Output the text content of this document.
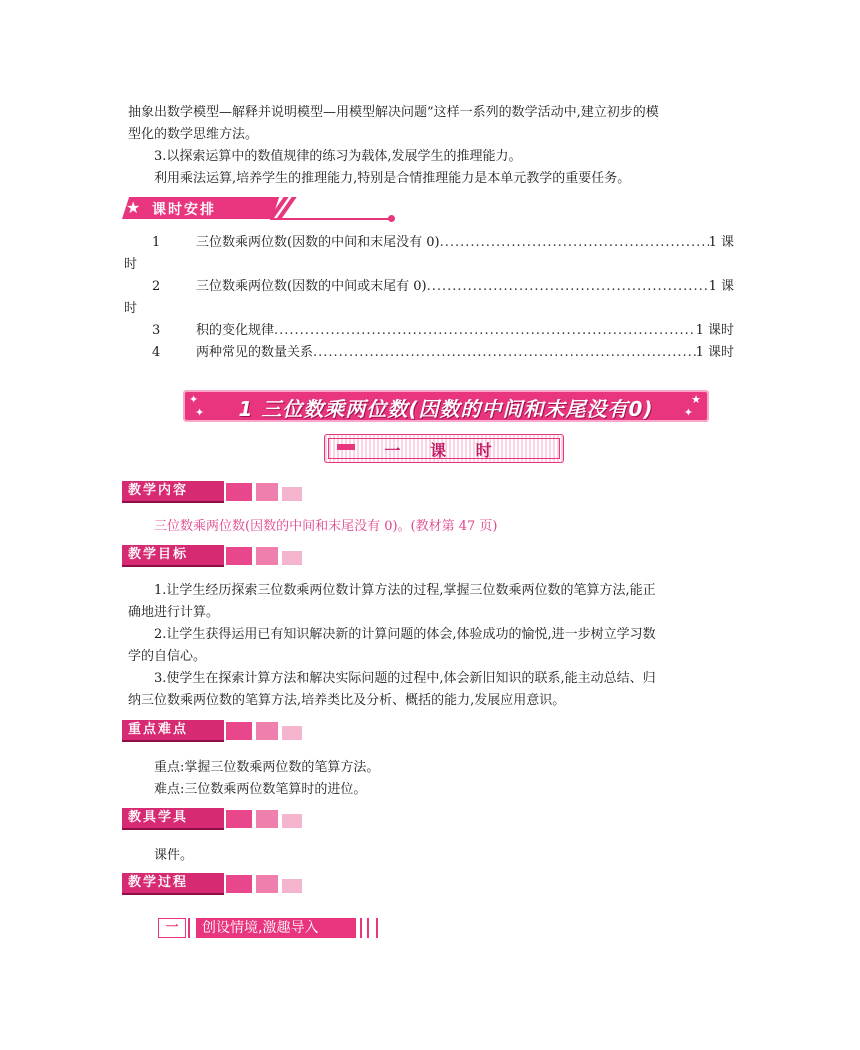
抽象出数学模型—解释并说明模型—用模型解决问题”这样一系列的数学活动中,建立初步的模

型化的数学思维方法。

3.以探索运算中的数值规律的练习为载体,发展学生的推理能力。

利用乘法运算,培养学生的推理能力,特别是合情推理能力是本单元教学的重要任务。

★ 课时安排
1	三位数乘两位数(因数的中间和末尾没有 0) .....	1 课
时
2	三位数乘两位数(因数的中间或末尾有 0) .....	1 课
时
3	积的变化规律 .....	1 课时
4	两种常见的数量关系 .....	1 课时
✦
✦	1 三位数乘两位数(因数的中间和末尾没有0)	★
✦
一 课 时
教学内容

三位数乘两位数(因数的中间和末尾没有 0)。(教材第 47 页)

教学目标

1.让学生经历探索三位数乘两位数计算方法的过程,掌握三位数乘两位数的笔算方法,能正

确地进行计算。

2.让学生获得运用已有知识解决新的计算问题的体会,体验成功的愉悦,进一步树立学习数

学的自信心。

3.使学生在探索计算方法和解决实际问题的过程中,体会新旧知识的联系,能主动总结、归

纳三位数乘两位数的笔算方法,培养类比及分析、概括的能力,发展应用意识。

重点难点

重点:掌握三位数乘两位数的笔算方法。

难点:三位数乘两位数笔算时的进位。

教具学具

课件。

教学过程
一	创设情境,激趣导入
